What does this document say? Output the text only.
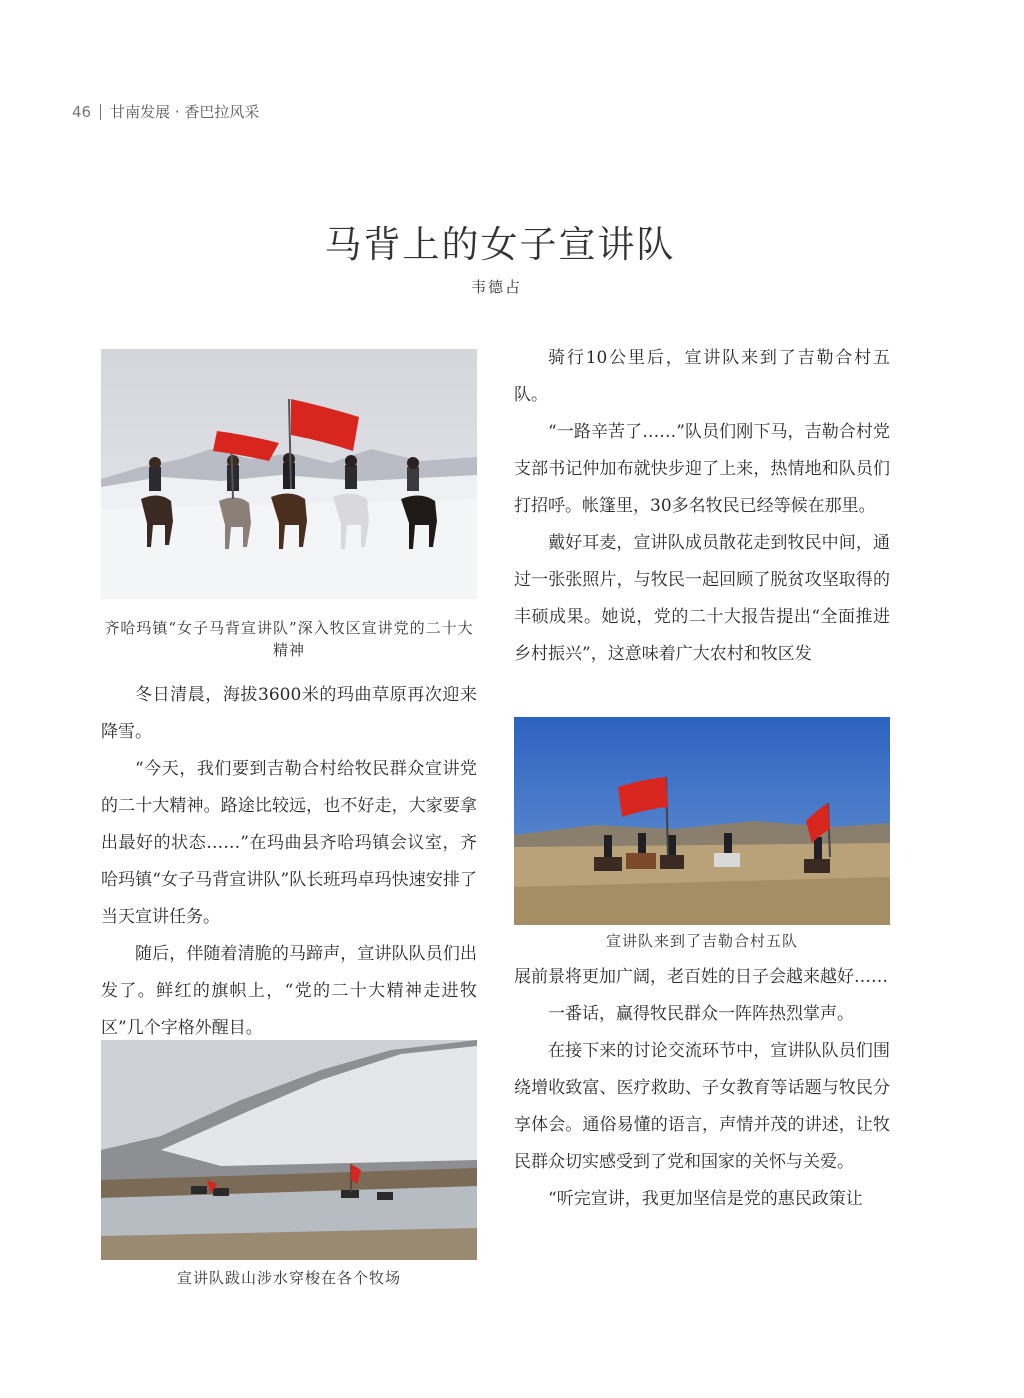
46 甘南发展 · 香巴拉风采
马背上的女子宣讲队
韦德占
齐哈玛镇“女子马背宣讲队”深入牧区宣讲党的二十大精神

冬日清晨，海拔3600米的玛曲草原再次迎来降雪。

“今天，我们要到吉勒合村给牧民群众宣讲党的二十大精神。路途比较远，也不好走，大家要拿出最好的状态……”在玛曲县齐哈玛镇会议室，齐哈玛镇“女子马背宣讲队”队长班玛卓玛快速安排了当天宣讲任务。

随后，伴随着清脆的马蹄声，宣讲队队员们出发了。鲜红的旗帜上，“党的二十大精神走进牧区”几个字格外醒目。

宣讲队跋山涉水穿梭在各个牧场

骑行10公里后，宣讲队来到了吉勒合村五队。

“一路辛苦了……”队员们刚下马，吉勒合村党支部书记仲加布就快步迎了上来，热情地和队员们打招呼。帐篷里，30多名牧民已经等候在那里。

戴好耳麦，宣讲队成员散花走到牧民中间，通过一张张照片，与牧民一起回顾了脱贫攻坚取得的丰硕成果。她说，党的二十大报告提出“全面推进乡村振兴”，这意味着广大农村和牧区发

宣讲队来到了吉勒合村五队

展前景将更加广阔，老百姓的日子会越来越好……

一番话，赢得牧民群众一阵阵热烈掌声。

在接下来的讨论交流环节中，宣讲队队员们围绕增收致富、医疗救助、子女教育等话题与牧民分享体会。通俗易懂的语言，声情并茂的讲述，让牧民群众切实感受到了党和国家的关怀与关爱。

“听完宣讲，我更加坚信是党的惠民政策让
